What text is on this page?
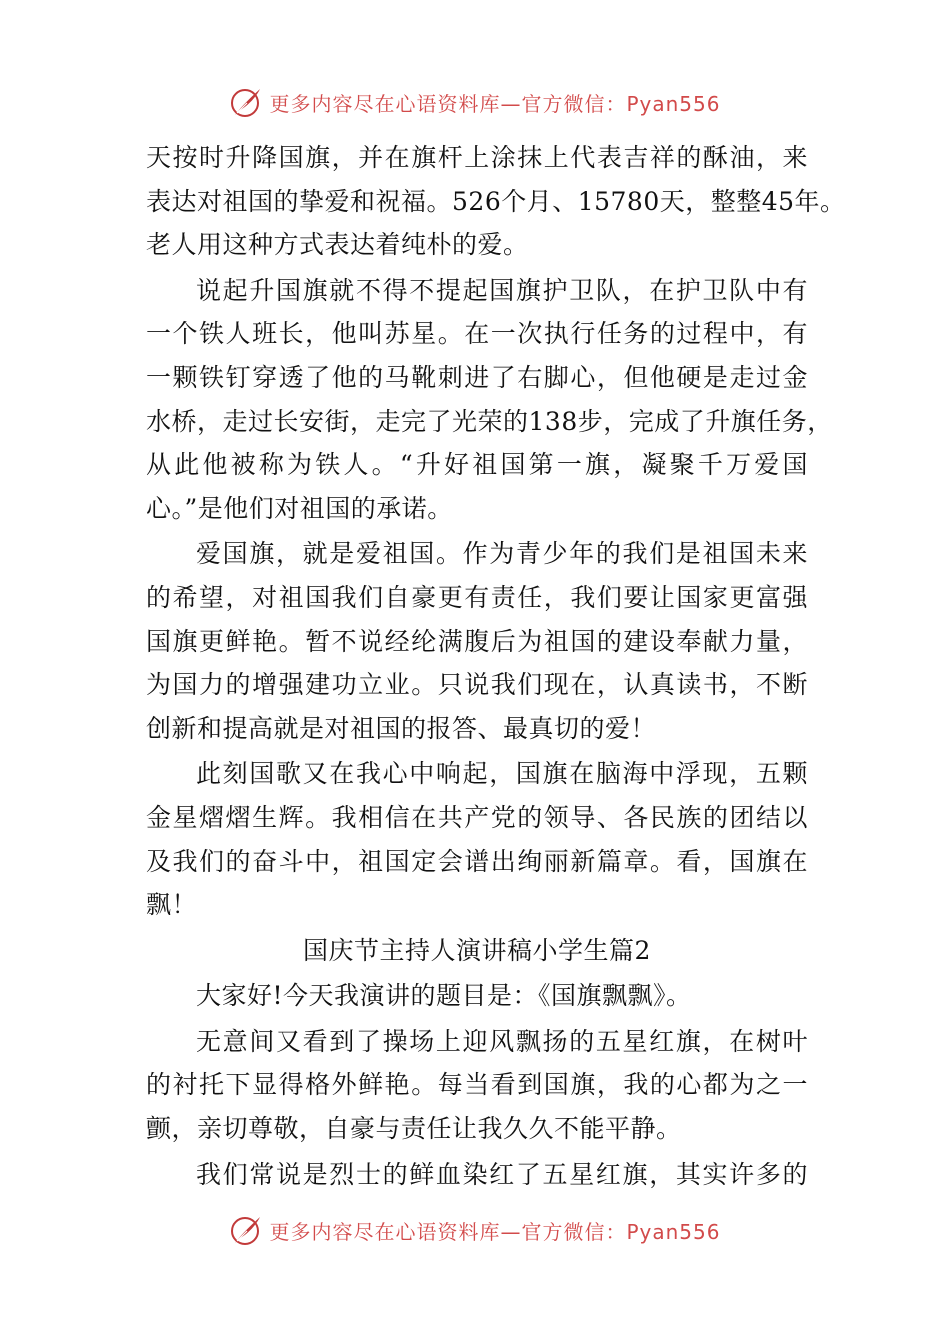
更多内容尽在心语资料库—官方微信：Pyan556
天按时升降国旗，并在旗杆上涂抹上代表吉祥的酥油，来
表达对祖国的挚爱和祝福。526个月、15780天，整整45年。
老人用这种方式表达着纯朴的爱。
说起升国旗就不得不提起国旗护卫队，在护卫队中有
一个铁人班长，他叫苏星。在一次执行任务的过程中，有
一颗铁钉穿透了他的马靴刺进了右脚心，但他硬是走过金
水桥，走过长安街，走完了光荣的138步，完成了升旗任务，
从此他被称为铁人。“升好祖国第一旗，凝聚千万爱国
心。”是他们对祖国的承诺。
爱国旗，就是爱祖国。作为青少年的我们是祖国未来
的希望，对祖国我们自豪更有责任，我们要让国家更富强
国旗更鲜艳。暂不说经纶满腹后为祖国的建设奉献力量，
为国力的增强建功立业。只说我们现在，认真读书，不断
创新和提高就是对祖国的报答、最真切的爱！
此刻国歌又在我心中响起，国旗在脑海中浮现，五颗
金星熠熠生辉。我相信在共产党的领导、各民族的团结以
及我们的奋斗中，祖国定会谱出绚丽新篇章。看，国旗在
飘！
国庆节主持人演讲稿小学生篇2
大家好!今天我演讲的题目是：《国旗飘飘》。
无意间又看到了操场上迎风飘扬的五星红旗，在树叶
的衬托下显得格外鲜艳。每当看到国旗，我的心都为之一
颤，亲切尊敬，自豪与责任让我久久不能平静。
我们常说是烈士的鲜血染红了五星红旗，其实许多的
更多内容尽在心语资料库—官方微信：Pyan556
